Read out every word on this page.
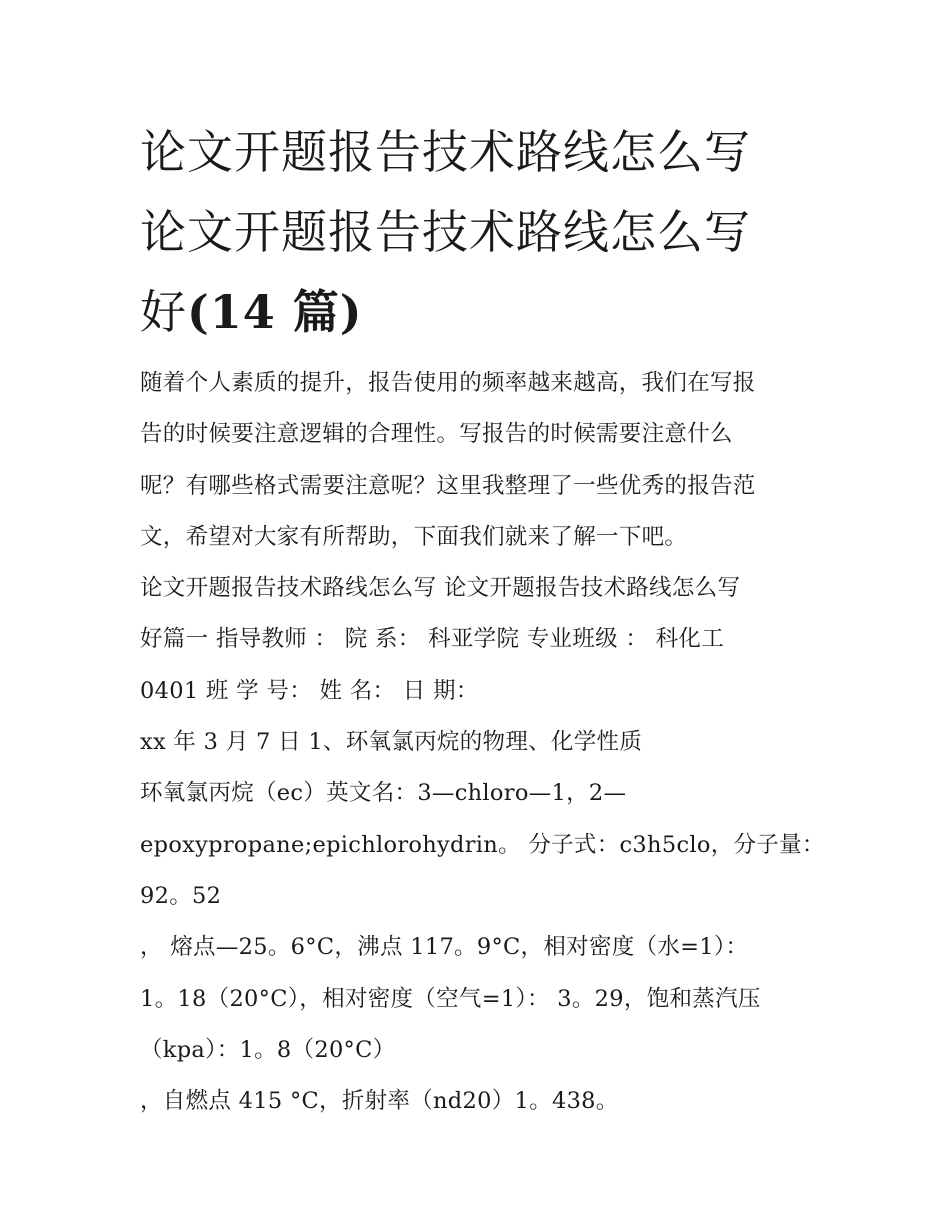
论文开题报告技术路线怎么写
论文开题报告技术路线怎么写
好(14 篇)
随着个人素质的提升，报告使用的频率越来越高，我们在写报
告的时候要注意逻辑的合理性。写报告的时候需要注意什么
呢？有哪些格式需要注意呢？这里我整理了一些优秀的报告范
文，希望对大家有所帮助，下面我们就来了解一下吧。
论文开题报告技术路线怎么写 论文开题报告技术路线怎么写
好篇一 指导教师 ： 院 系： 科亚学院 专业班级 ： 科化工
0401 班 学 号： 姓 名： 日 期：
xx 年 3 月 7 日 1、环氧氯丙烷的物理、化学性质
环氧氯丙烷（ec）英文名：3—chloro—1，2—
epoxypropane;epichlorohydrin。 分子式：c3h5clo，分子量：
92。52
， 熔点—25。6°C，沸点 117。9°C，相对密度（水=1）：
1。18（20°C），相对密度（空气=1）： 3。29，饱和蒸汽压
（kpa）：1。8（20°C）
，自燃点 415 °C，折射率（nd20）1。438。
